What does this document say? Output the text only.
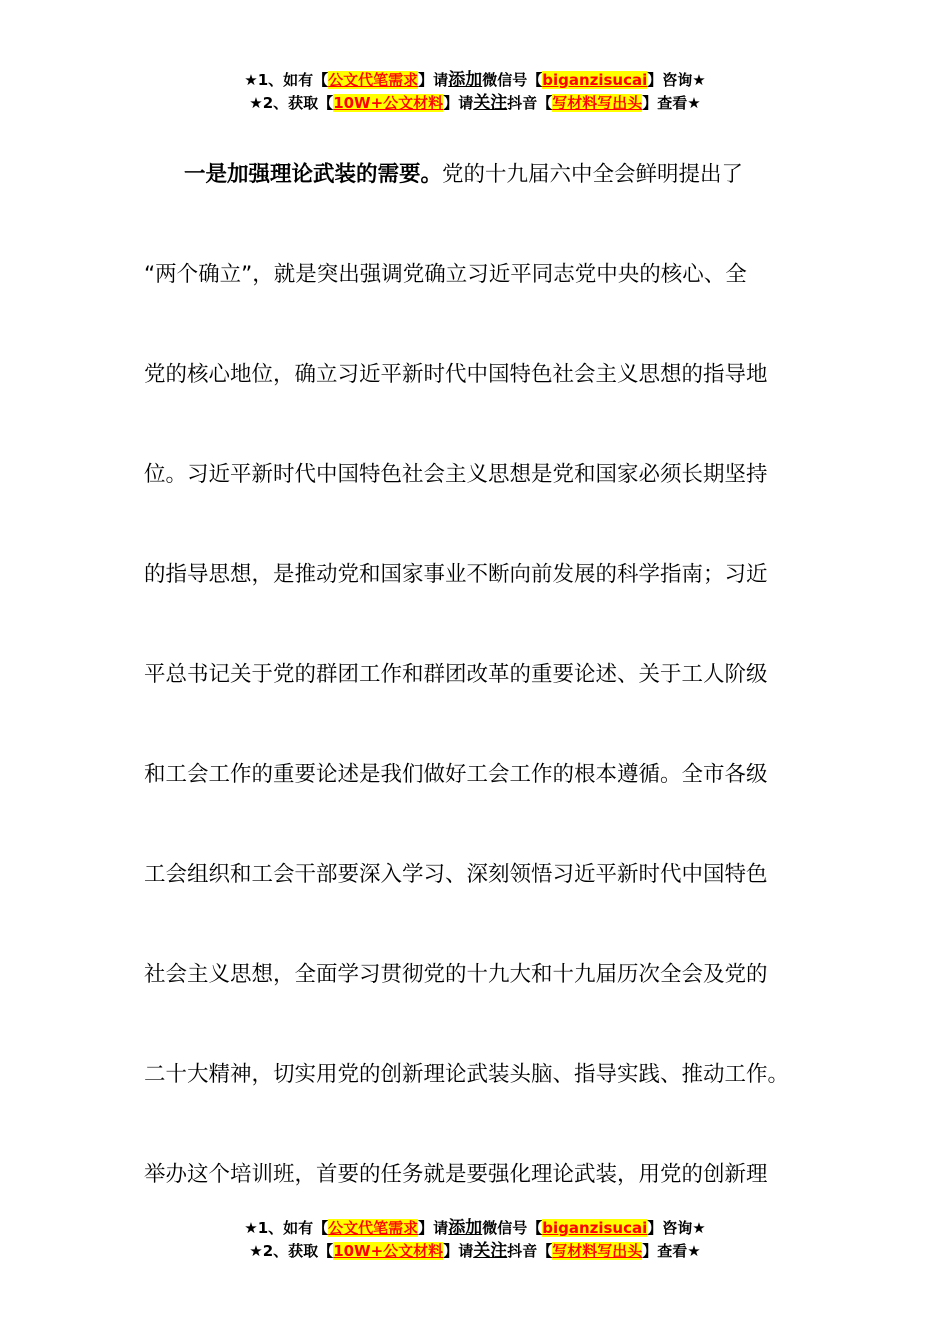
★1、如有【公文代笔需求】请添加微信号【biganzisucai】咨询★
★2、获取【10W+公文材料】请关注抖音【写材料写出头】查看★
一是加强理论武装的需要。党的十九届六中全会鲜明提出了
“两个确立”，就是突出强调党确立习近平同志党中央的核心、全
党的核心地位，确立习近平新时代中国特色社会主义思想的指导地
位。习近平新时代中国特色社会主义思想是党和国家必须长期坚持
的指导思想，是推动党和国家事业不断向前发展的科学指南；习近
平总书记关于党的群团工作和群团改革的重要论述、关于工人阶级
和工会工作的重要论述是我们做好工会工作的根本遵循。全市各级
工会组织和工会干部要深入学习、深刻领悟习近平新时代中国特色
社会主义思想，全面学习贯彻党的十九大和十九届历次全会及党的
二十大精神，切实用党的创新理论武装头脑、指导实践、推动工作。
举办这个培训班，首要的任务就是要强化理论武装，用党的创新理
★1、如有【公文代笔需求】请添加微信号【biganzisucai】咨询★
★2、获取【10W+公文材料】请关注抖音【写材料写出头】查看★
